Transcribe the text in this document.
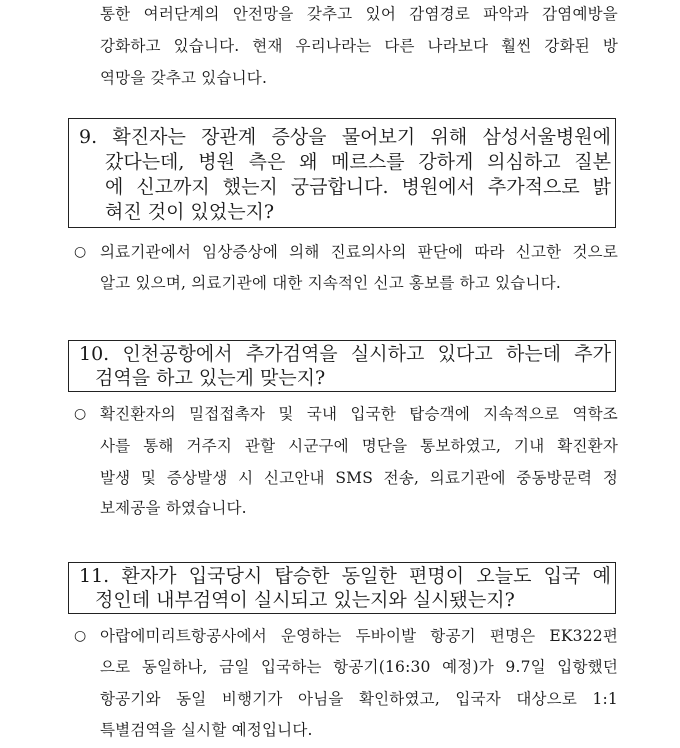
통한 여러단계의 안전망을 갖추고 있어 감염경로 파악과 감염예방을
강화하고 있습니다. 현재 우리나라는 다른 나라보다 훨씬 강화된 방
역망을 갖추고 있습니다.
9. 확진자는 장관계 증상을 물어보기 위해 삼성서울병원에
갔다는데, 병원 측은 왜 메르스를 강하게 의심하고 질본
에 신고까지 했는지 궁금합니다. 병원에서 추가적으로 밝
혀진 것이 있었는지?
○ 의료기관에서 임상증상에 의해 진료의사의 판단에 따라 신고한 것으로
알고 있으며, 의료기관에 대한 지속적인 신고 홍보를 하고 있습니다.
10. 인천공항에서 추가검역을 실시하고 있다고 하는데 추가
검역을 하고 있는게 맞는지?
○ 확진환자의 밀접접촉자 및 국내 입국한 탑승객에 지속적으로 역학조
사를 통해 거주지 관할 시군구에 명단을 통보하였고, 기내 확진환자
발생 및 증상발생 시 신고안내 SMS 전송, 의료기관에 중동방문력 정
보제공을 하였습니다.
11. 환자가 입국당시 탑승한 동일한 편명이 오늘도 입국 예
정인데 내부검역이 실시되고 있는지와 실시됐는지?
○ 아랍에미리트항공사에서 운영하는 두바이발 항공기 편명은 EK322편
으로 동일하나, 금일 입국하는 항공기(16:30 예정)가 9.7일 입항했던
항공기와 동일 비행기가 아님을 확인하였고, 입국자 대상으로 1:1
특별검역을 실시할 예정입니다.
